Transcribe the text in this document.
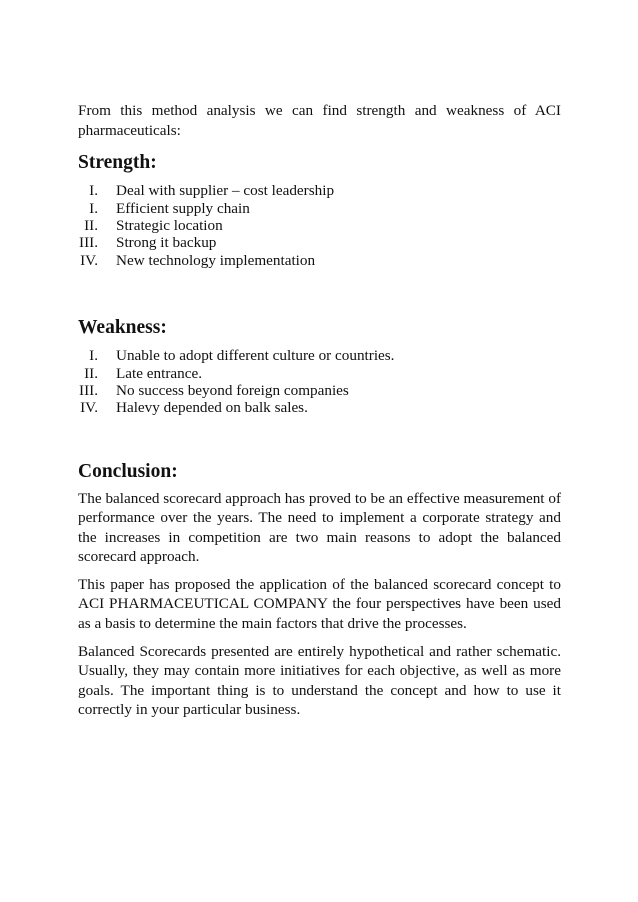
From this method analysis we can find strength and weakness of ACI pharmaceuticals:

Strength:
I. Deal with supplier – cost leadership
I. Efficient supply chain
II. Strategic location
III. Strong it backup
IV. New technology implementation
Weakness:
I. Unable to adopt different culture or countries.
II. Late entrance.
III. No success beyond foreign companies
IV. Halevy depended on balk sales.
Conclusion:

The balanced scorecard approach has proved to be an effective measurement of performance over the years. The need to implement a corporate strategy and the increases in competition are two main reasons to adopt the balanced scorecard approach.

This paper has proposed the application of the balanced scorecard concept to ACI PHARMACEUTICAL COMPANY the four perspectives have been used as a basis to determine the main factors that drive the processes.

Balanced Scorecards presented are entirely hypothetical and rather schematic. Usually, they may contain more initiatives for each objective, as well as more goals. The important thing is to understand the concept and how to use it correctly in your particular business.
